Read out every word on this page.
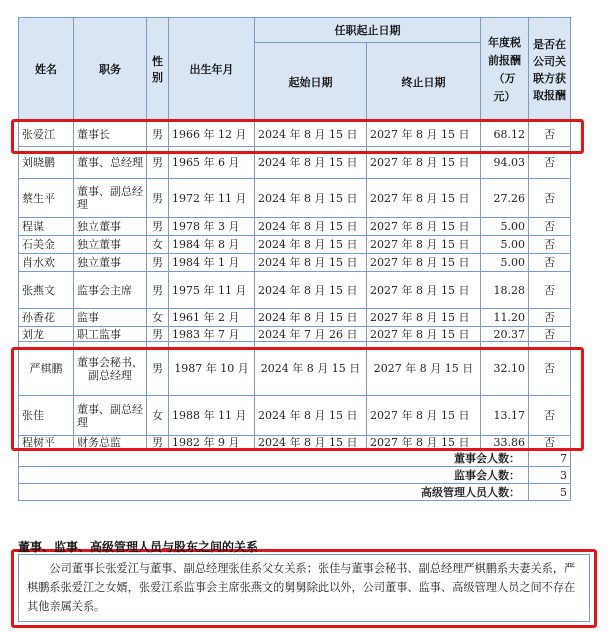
姓名	职务	性别	出生年月	任职起止日期		年度税前报酬（万元）	是否在公司关联方获取报酬
				起始日期	终止日期		
张爱江	董事长	男	1966 年 12 月	2024 年 8 月 15 日	2027 年 8 月 15 日	68.12	否
刘晓鹏	董事、总经理	男	1965 年 6 月	2024 年 8 月 15 日	2027 年 8 月 15 日	94.03	否
蔡生平	董事、副总经理	男	1972 年 11 月	2024 年 8 月 15 日	2027 年 8 月 15 日	27.26	否
程谋	独立董事	男	1978 年 3 月	2024 年 8 月 15 日	2027 年 8 月 15 日	5.00	否
石美金	独立董事	女	1984 年 8 月	2024 年 8 月 15 日	2027 年 8 月 15 日	5.00	否
肖水欢	独立董事	男	1984 年 1 月	2024 年 8 月 15 日	2027 年 8 月 15 日	5.00	否
张燕文	监事会主席	男	1975 年 11 月	2024 年 8 月 15 日	2027 年 8 月 15 日	18.28	否
孙香花	监事	女	1961 年 2 月	2024 年 8 月 15 日	2027 年 8 月 15 日	11.20	否
刘龙	职工监事	男	1983 年 7 月	2024 年 7 月 26 日	2027 年 8 月 15 日	20.37	否
严棋鹏	董事会秘书、副总经理	男	1987 年 10 月	2024 年 8 月 15 日	2027 年 8 月 15 日	32.10	否
张佳	董事、副总经理	女	1988 年 11 月	2024 年 8 月 15 日	2027 年 8 月 15 日	13.17	否
程树平	财务总监	男	1982 年 9 月	2024 年 8 月 15 日	2027 年 8 月 15 日	33.86	否
董事会人数：							7
监事会人数：							3
高级管理人员人数：							5
董事、监事、高级管理人员与股东之间的关系
公司董事长张爱江与董事、副总经理张佳系父女关系；张佳与董事会秘书、副总经理严棋鹏系夫妻关系，严棋鹏系张爱江之女婿，张爱江系监事会主席张燕文的舅舅除此以外，公司董事、监事、高级管理人员之间不存在其他亲属关系。
